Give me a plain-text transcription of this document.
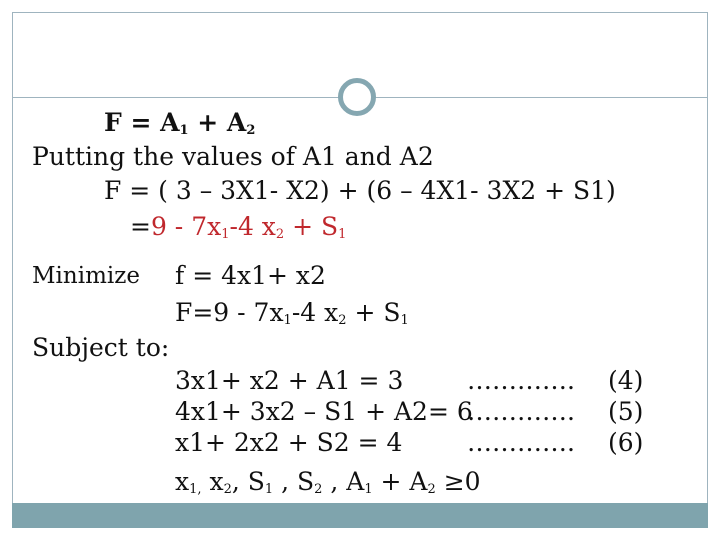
$F = A_1 + A_2$
Putting the values of A1 and A2
F = ( 3 – 3X1- X2) + (6 – 4X1- 3X2 + S1)
$=9 - 7x_1-4$ $x_2 + S_1$
Minimize f = 4x1+ x2
$F=9 - 7x_1-4$ $x_2 + S_1$
Subject to:
3x1+ x2 + A1 = 3	…………. (4)
4x1+ 3x2 – S1 + A2= 6
…………. (5)
x1+ 2x2 + S2 = 4	…………. (6)
$x_{1,}$ $x_2$, $S_1$ , $S_2$ , $A_1 + A_2 \ge 0$
